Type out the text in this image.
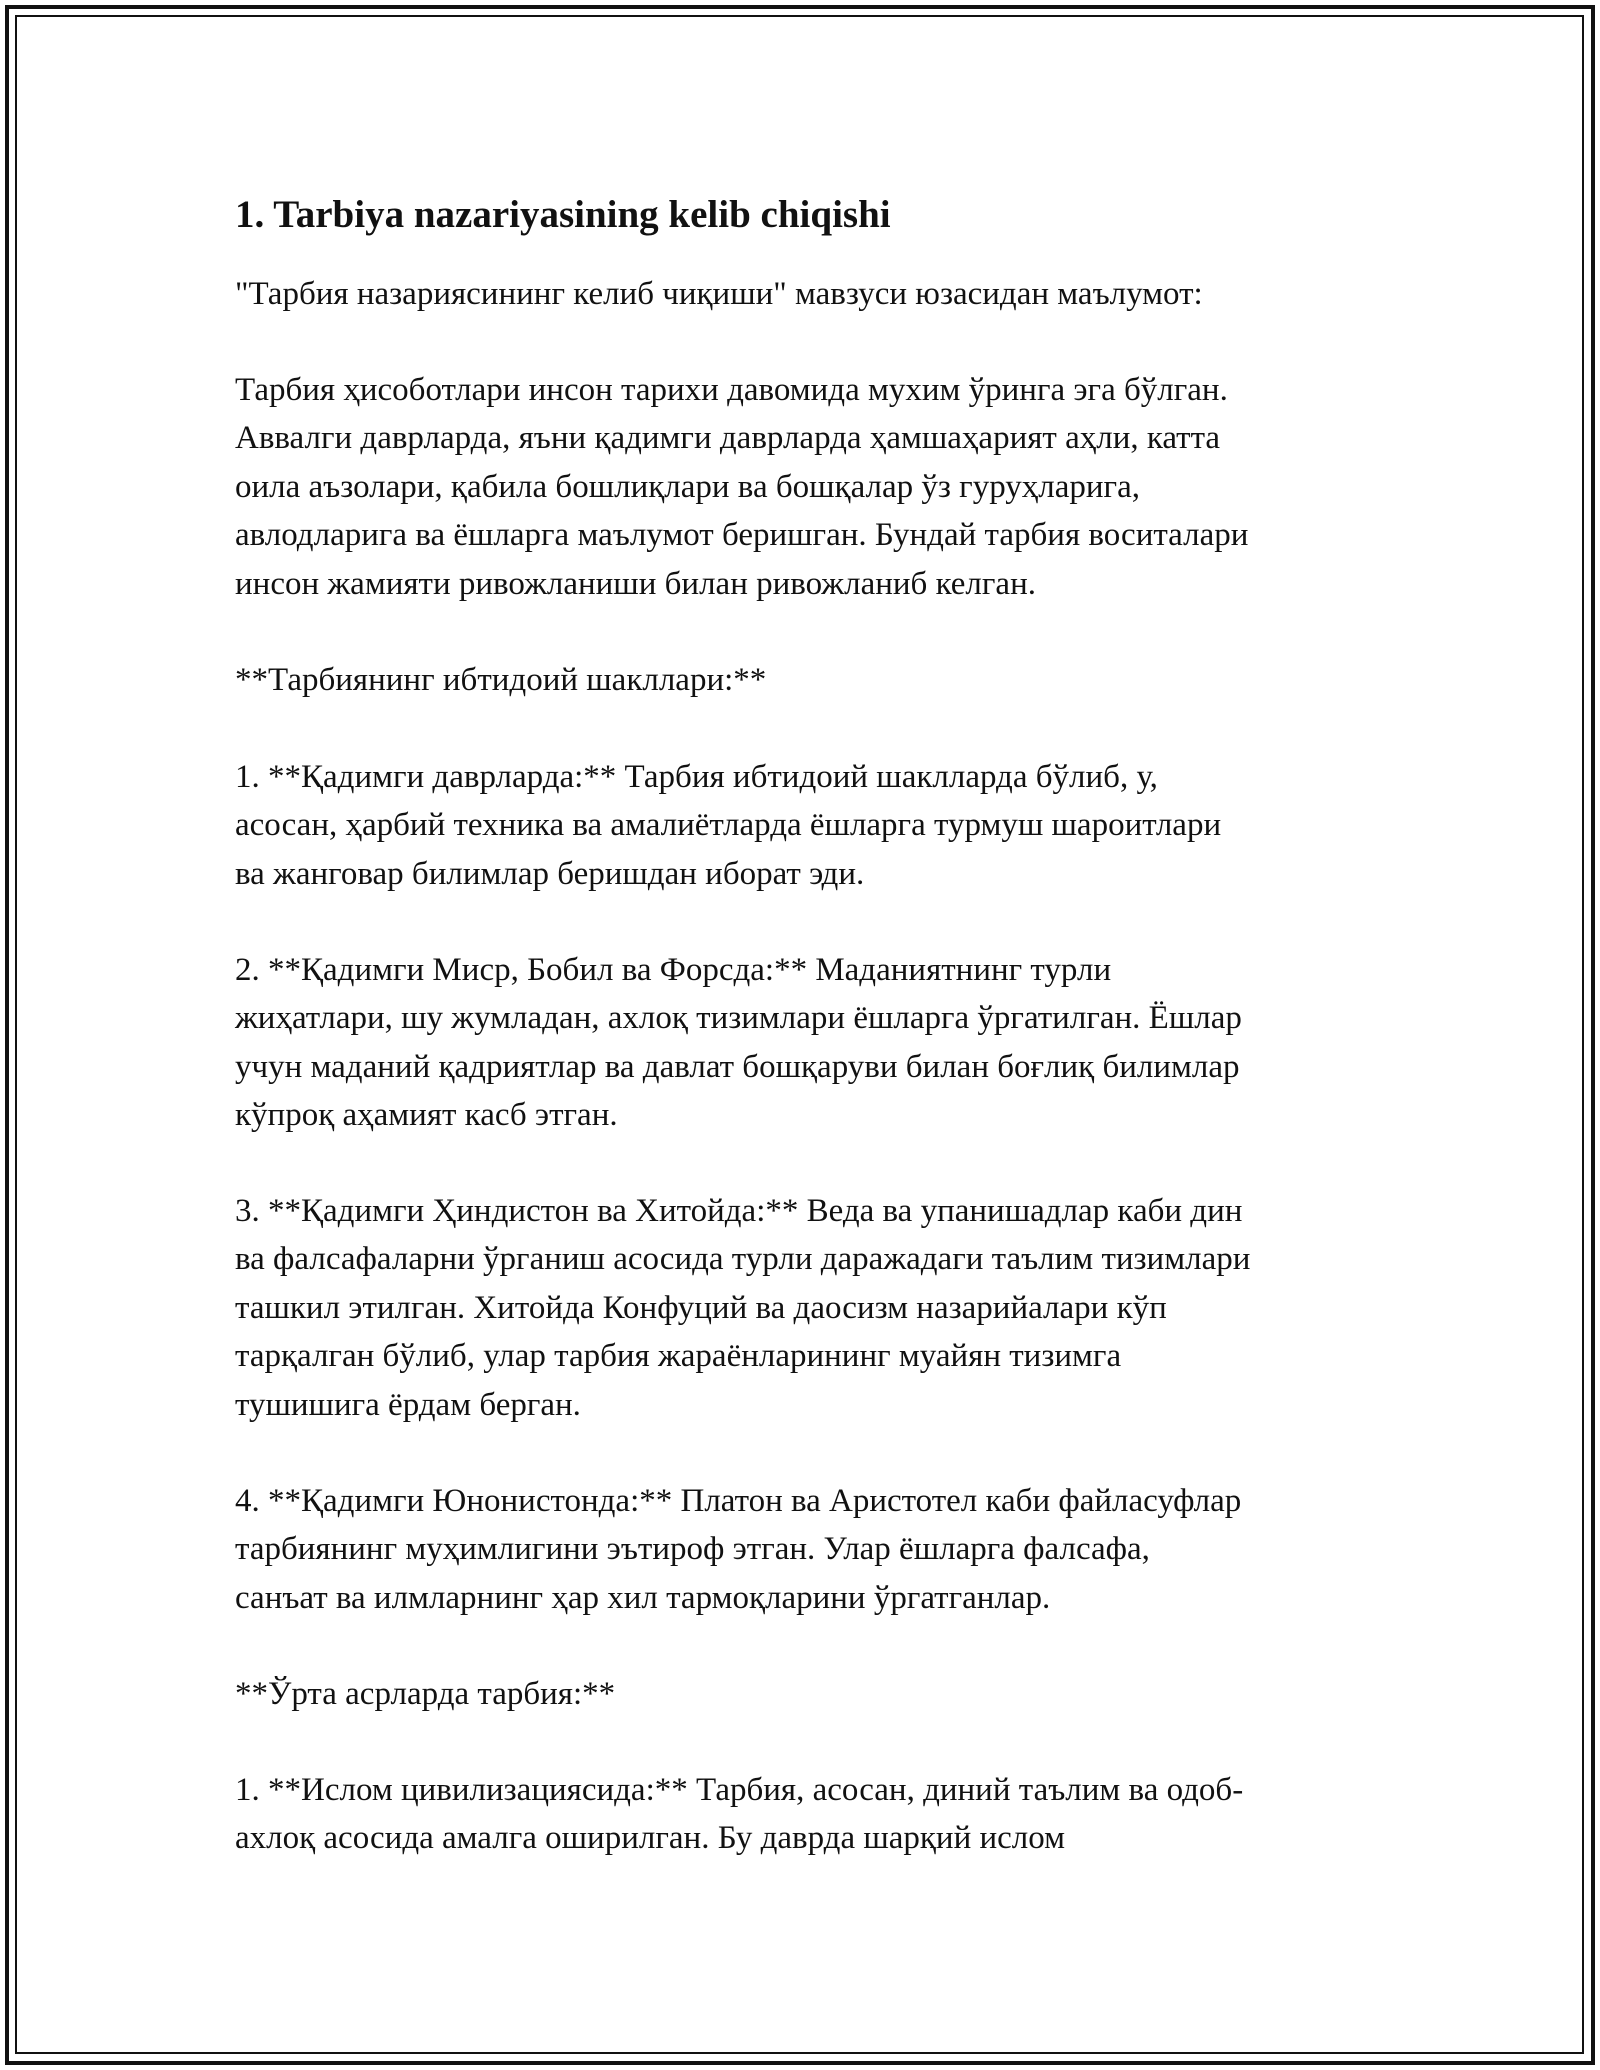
1. Tarbiya nazariyasining kelib chiqishi

"Тарбия назариясининг келиб чиқиши" мавзуси юзасидан маълумот:

Тарбия ҳисоботлари инсон тарихи давомида мухим ўринга эга бўлган.
Аввалги даврларда, яъни қадимги даврларда ҳамшаҳарият аҳли, катта
оила аъзолари, қабила бошлиқлари ва бошқалар ўз гуруҳларига,
авлодларига ва ёшларга маълумот беришган. Бундай тарбия воситалари
инсон жамияти ривожланиши билан ривожланиб келган.

**Тарбиянинг ибтидоий шакллари:**

1. **Қадимги даврларда:** Тарбия ибтидоий шаклларда бўлиб, у,
асосан, ҳарбий техника ва амалиётларда ёшларга турмуш шароитлари
ва жанговар билимлар беришдан иборат эди.

2. **Қадимги Миср, Бобил ва Форсда:** Маданиятнинг турли
жиҳатлари, шу жумладан, ахлоқ тизимлари ёшларга ўргатилган. Ёшлар
учун маданий қадриятлар ва давлат бошқаруви билан боғлиқ билимлар
кўпроқ аҳамият касб этган.

3. **Қадимги Ҳиндистон ва Хитойда:** Веда ва упанишадлар каби дин
ва фалсафаларни ўрганиш асосида турли даражадаги таълим тизимлари
ташкил этилган. Хитойда Конфуций ва даосизм назарийалари кўп
тарқалган бўлиб, улар тарбия жараёнларининг муайян тизимга
тушишига ёрдам берган.

4. **Қадимги Юнонистонда:** Платон ва Аристотел каби файласуфлар
тарбиянинг муҳимлигини эътироф этган. Улар ёшларга фалсафа,
санъат ва илмларнинг ҳар хил тармоқларини ўргатганлар.

**Ўрта асрларда тарбия:**

1. **Ислом цивилизациясида:** Тарбия, асосан, диний таълим ва одоб-
ахлоқ асосида амалга оширилган. Бу даврда шарқий ислом
